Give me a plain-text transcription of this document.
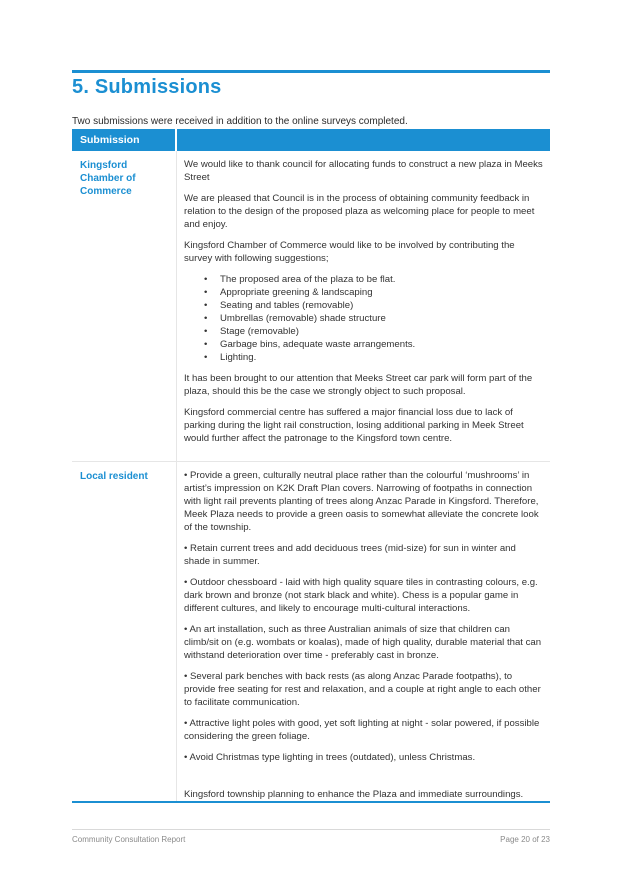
5. Submissions

Two submissions were received in addition to the online surveys completed.

Submission
Kingsford
Chamber of
Commerce

We would like to thank council for allocating funds to construct a new plaza in Meeks Street

We are pleased that Council is in the process of obtaining community feedback in relation to the design of the proposed plaza as welcoming place for people to meet and enjoy.

Kingsford Chamber of Commerce would like to be involved by contributing the survey with following suggestions;

• The proposed area of the plaza to be flat.
• Appropriate greening & landscaping
• Seating and tables (removable)
• Umbrellas (removable) shade structure
• Stage (removable)
• Garbage bins, adequate waste arrangements.
• Lighting.

It has been brought to our attention that Meeks Street car park will form part of the plaza, should this be the case we strongly object to such proposal.

Kingsford commercial centre has suffered a major financial loss due to lack of parking during the light rail construction, losing additional parking in Meek Street would further affect the patronage to the Kingsford town centre.

Local resident	• Provide a green, culturally neutral place rather than the colourful ‘mushrooms’ in artist’s impression on K2K Draft Plan covers. Narrowing of footpaths in connection with light rail prevents planting of trees along Anzac Parade in Kingsford. Therefore, Meek Plaza needs to provide a green oasis to somewhat alleviate the concrete look of the township.

• Retain current trees and add deciduous trees (mid-size) for sun in winter and shade in summer.

• Outdoor chessboard - laid with high quality square tiles in contrasting colours, e.g. dark brown and bronze (not stark black and white). Chess is a popular game in different cultures, and likely to encourage multi-cultural interactions.

• An art installation, such as three Australian animals of size that children can climb/sit on (e.g. wombats or koalas), made of high quality, durable material that can withstand deterioration over time - preferably cast in bronze.

• Several park benches with back rests (as along Anzac Parade footpaths), to provide free seating for rest and relaxation, and a couple at right angle to each other to facilitate communication.

• Attractive light poles with good, yet soft lighting at night - solar powered, if possible considering the green foliage.

• Avoid Christmas type lighting in trees (outdated), unless Christmas.

Kingsford township planning to enhance the Plaza and immediate surroundings.

Community Consultation Report	Page 20 of 23
